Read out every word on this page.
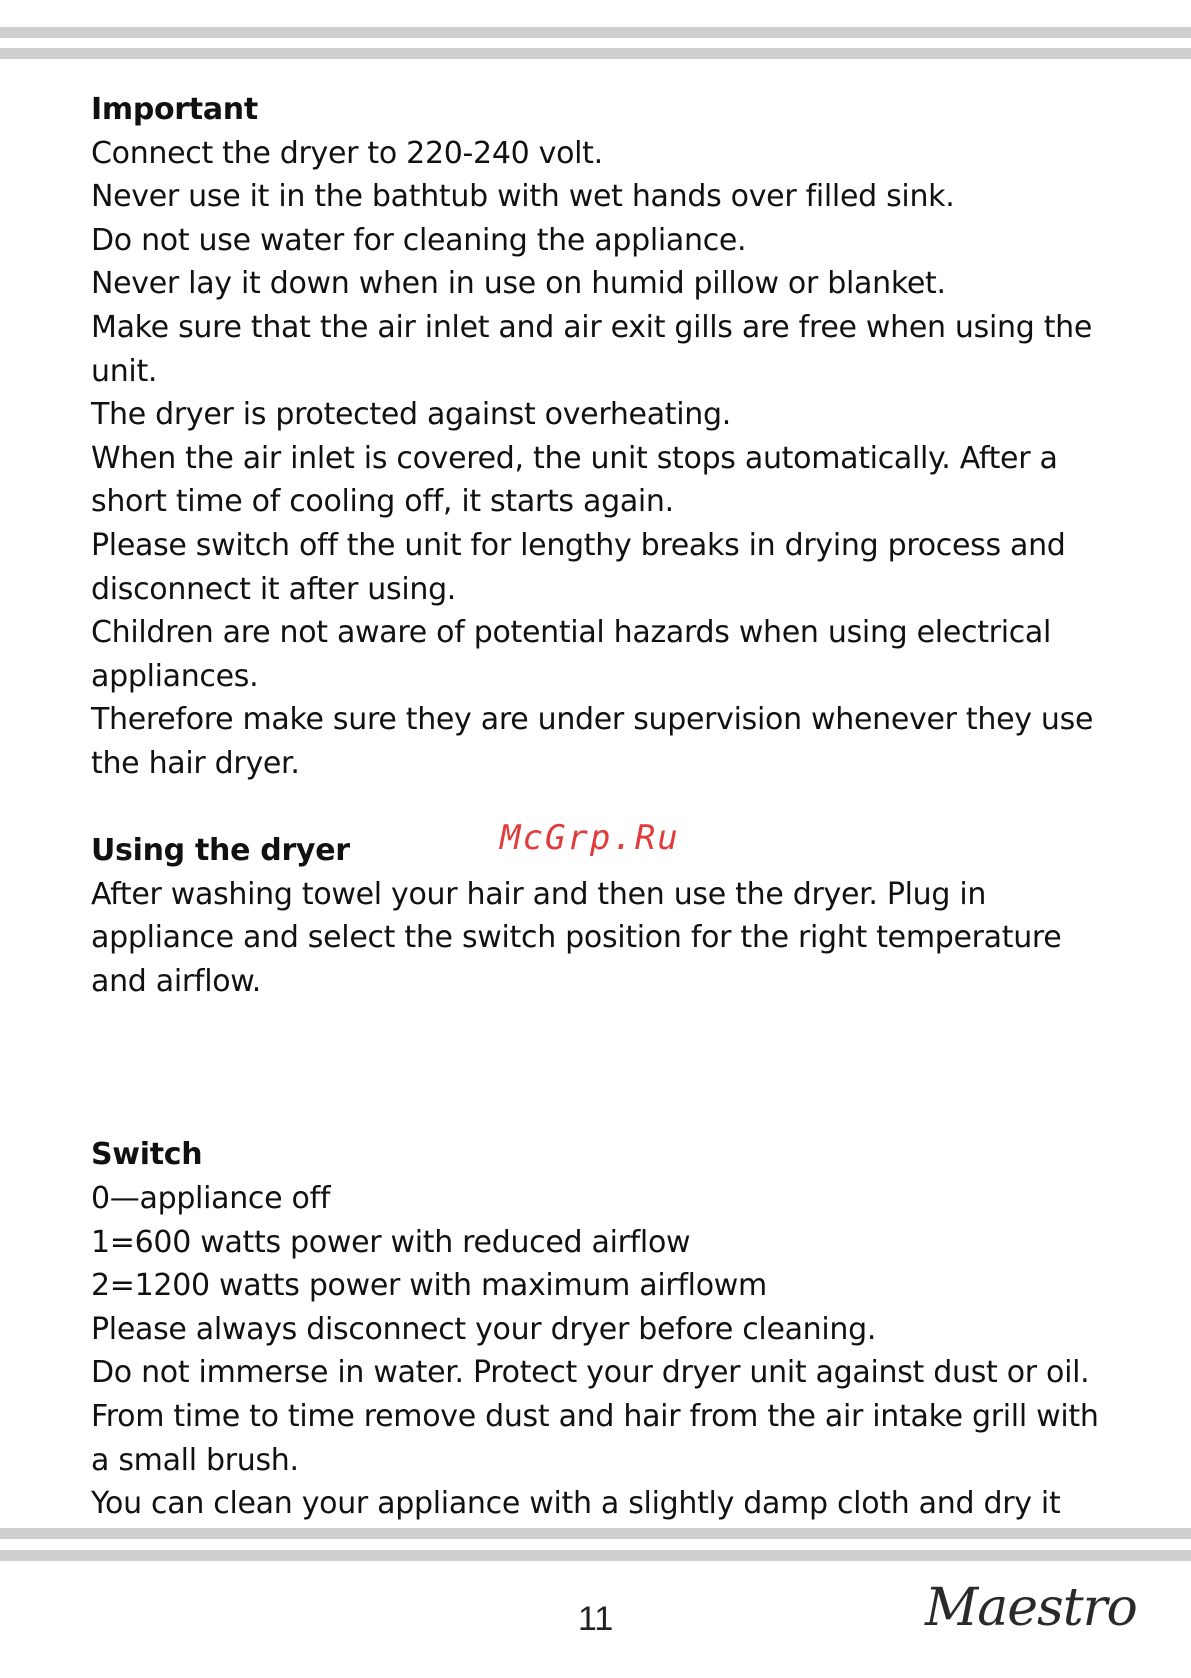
Important

Connect the dryer to 220-240 volt.

Never use it in the bathtub with wet hands over filled sink.

Do not use water for cleaning the appliance.

Never lay it down when in use on humid pillow or blanket.

Make sure that the air inlet and air exit gills are free when using the unit.

The dryer is protected against overheating.

When the air inlet is covered, the unit stops automatically. After a short time of cooling off, it starts again.

Please switch off the unit for lengthy breaks in drying process and disconnect it after using.

Children are not aware of potential hazards when using electrical appliances.

Therefore make sure they are under supervision whenever they use the hair dryer.

Using the dryer

After washing towel your hair and then use the dryer. Plug in appliance and select the switch position for the right temperature and airflow.

Switch

0—appliance off

1=600 watts power with reduced airflow

2=1200 watts power with maximum airflowm

Please always disconnect your dryer before cleaning.

Do not immerse in water. Protect your dryer unit against dust or oil.

From time to time remove dust and hair from the air intake grill with a small brush.

You can clean your appliance with a slightly damp cloth and dry it

McGrp.Ru
11	Maestro
